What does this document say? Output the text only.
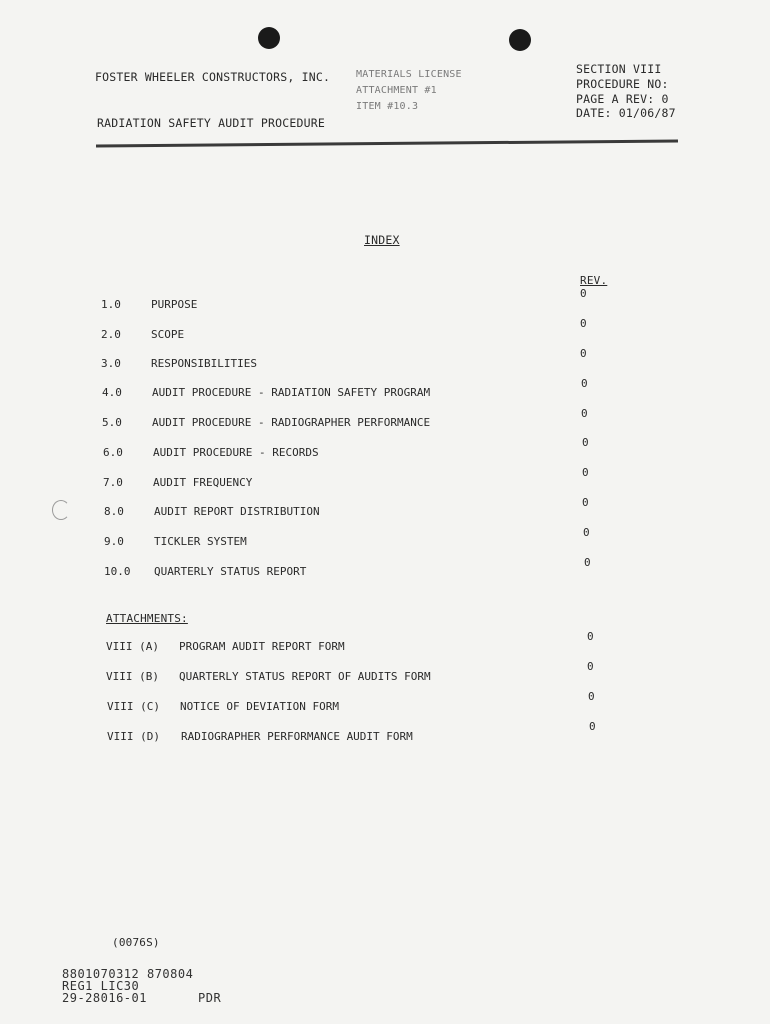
FOSTER WHEELER CONSTRUCTORS, INC.
RADIATION SAFETY AUDIT PROCEDURE
MATERIALS LICENSE
ATTACHMENT #1
ITEM #10.3
SECTION VIII
PROCEDURE NO:
PAGE A REV: 0
DATE: 01/06/87
INDEX
REV.
1.0	PURPOSE
0
2.0	SCOPE
0
3.0	RESPONSIBILITIES
0
4.0	AUDIT PROCEDURE - RADIATION SAFETY PROGRAM
0
5.0	AUDIT PROCEDURE - RADIOGRAPHER PERFORMANCE
0
6.0	AUDIT PROCEDURE - RECORDS
0
7.0	AUDIT FREQUENCY
0
8.0	AUDIT REPORT DISTRIBUTION
0
9.0	TICKLER SYSTEM
0
10.0 QUARTERLY STATUS REPORT
0
ATTACHMENTS:
VIII (A) PROGRAM AUDIT REPORT FORM
0
VIII (B) QUARTERLY STATUS REPORT OF AUDITS FORM
0
VIII (C) NOTICE OF DEVIATION FORM
0
VIII (D) RADIOGRAPHER PERFORMANCE AUDIT FORM
0
(0076S)
8801070312 870804
REG1 LIC30
29-28016-01	PDR
